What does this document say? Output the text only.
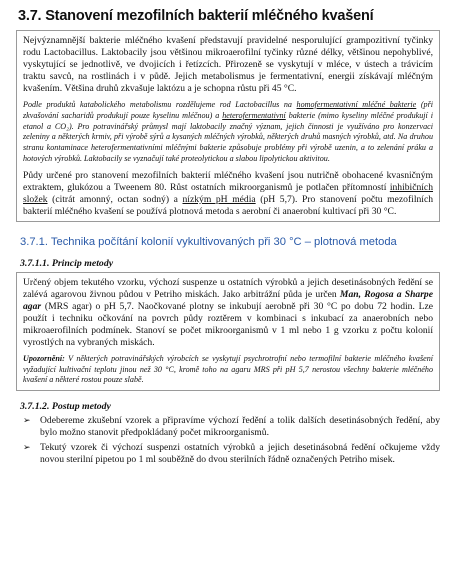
3.7. Stanovení mezofilních bakterií mléčného kvašení

Nejvýznamnější bakterie mléčného kvašení představují pravidelné nesporulující grampozitivní tyčinky rodu Lactobacillus. Laktobacily jsou většinou mikroaerofilní tyčinky různé délky, většinou nepohyblivé, vyskytující se jednotlivě, ve dvojicích i řetízcích. Přirozeně se vyskytují v mléce, v ústech a trávicím traktu savců, na rostlinách i v půdě. Jejich metabolismus je fermentativní, energii získávají mléčným kvašením. Většina druhů zkvašuje laktózu a je schopna růstu při 45 °C.

Podle produktů katabolického metabolismu rozdělujeme rod Lactobacillus na homofermentativní mléčné bakterie (při zkvašování sacharidů produkují pouze kyselinu mléčnou) a heterofermentativní bakterie (mimo kyseliny mléčné produkují i etanol a CO₂). Pro potravinářský průmysl mají laktobacily značný význam, jejich činnosti je využíváno pro konzervaci zeleniny a některých krmiv, při výrobě sýrů a kysaných mléčných výrobků, některých druhů masných výrobků, atd. Na druhou stranu kontaminace heterofermentativními mléčnými bakterie způsobuje problémy při výrobě uzenin, a to zelenání práku a hotových výrobků. Laktobacily se vyznačují také proteolytickou a slabou lipolytickou aktivitou.

Půdy určené pro stanovení mezofilních bakterií mléčného kvašení jsou nutričně obohacené kvasničným extraktem, glukózou a Tweenem 80. Růst ostatních mikroorganismů je potlačen přítomností inhibičních složek (citrát amonný, octan sodný) a nízkým pH média (pH 5,7). Pro stanovení počtu mezofilních bakterií mléčného kvašení se používá plotnová metoda s aerobní či anaerobní kultivací při 30 °C.

3.7.1. Technika počítání kolonií vykultivovaných při 30 °C – plotnová metoda
3.7.1.1. Princip metody

Určený objem tekutého vzorku, výchozí suspenze u ostatních výrobků a jejich desetinásobných ředění se zalévá agarovou živnou půdou v Petriho miskách. Jako arbitrážní půda je určen Man, Rogosa a Sharpe agar (MRS agar) o pH 5,7. Naočkované plotny se inkubují aerobně při 30 °C po dobu 72 hodin. Lze použít i techniku očkování na povrch půdy roztěrem v kombinaci s inkubací za anaerobních nebo mikroaerofilních podmínek. Stanoví se počet mikroorganismů v 1 ml nebo 1 g vzorku z počtu kolonií vyrostlých na vybraných miskách.

Upozornění: V některých potravinářských výrobcích se vyskytují psychrotrofní nebo termofilní bakterie mléčného kvašení vyžadující kultivační teplotu jinou než 30 °C, kromě toho na agaru MRS při pH 5,7 nerostou všechny bakterie mléčného kvašení a některé rostou pouze slabě.

3.7.1.2. Postup metody
➢ Odebereme zkušební vzorek a připravíme výchozí ředění a tolik dalších desetinásobných ředění, aby bylo možno stanovit předpokládaný počet mikroorganismů.
➢ Tekutý vzorek či výchozí suspenzi ostatních výrobků a jejich desetinásobná ředění očkujeme vždy novou sterilní pipetou po 1 ml souběžně do dvou sterilních řádně označených Petriho misek.
